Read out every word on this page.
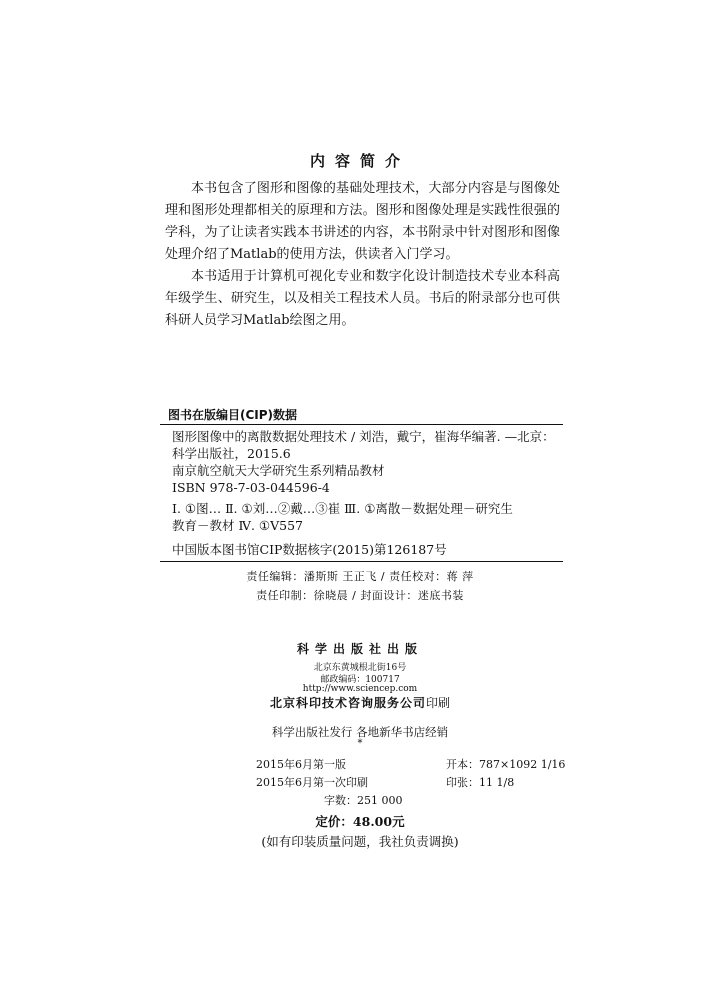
内容简介

本书包含了图形和图像的基础处理技术，大部分内容是与图像处理和图形处理都相关的原理和方法。图形和图像处理是实践性很强的学科，为了让读者实践本书讲述的内容，本书附录中针对图形和图像处理介绍了Matlab的使用方法，供读者入门学习。

本书适用于计算机可视化专业和数字化设计制造技术专业本科高年级学生、研究生，以及相关工程技术人员。书后的附录部分也可供科研人员学习Matlab绘图之用。

图书在版编目(CIP)数据
图形图像中的离散数据处理技术 / 刘浩，戴宁，崔海华编著. —北京：
科学出版社，2015.6
南京航空航天大学研究生系列精品教材
ISBN 978-7-03-044596-4
Ⅰ. ①图… Ⅱ. ①刘…②戴…③崔 Ⅲ. ①离散－数据处理－研究生
教育－教材 Ⅳ. ①V557
中国版本图书馆CIP数据核字(2015)第126187号
责任编辑：潘斯斯 王正飞 / 责任校对：蒋 萍
责任印制：徐晓晨 / 封面设计：迷底书装
科学出版社出版
北京东黄城根北街16号
邮政编码：100717
http://www.sciencep.com
北京科印技术咨询服务公司印刷
科学出版社发行 各地新华书店经销
*
2015年6月第一版	开本：787×1092 1/16
2015年6月第一次印刷	印张：11 1/8
字数：251 000
定价：48.00元
(如有印装质量问题，我社负责调换)
